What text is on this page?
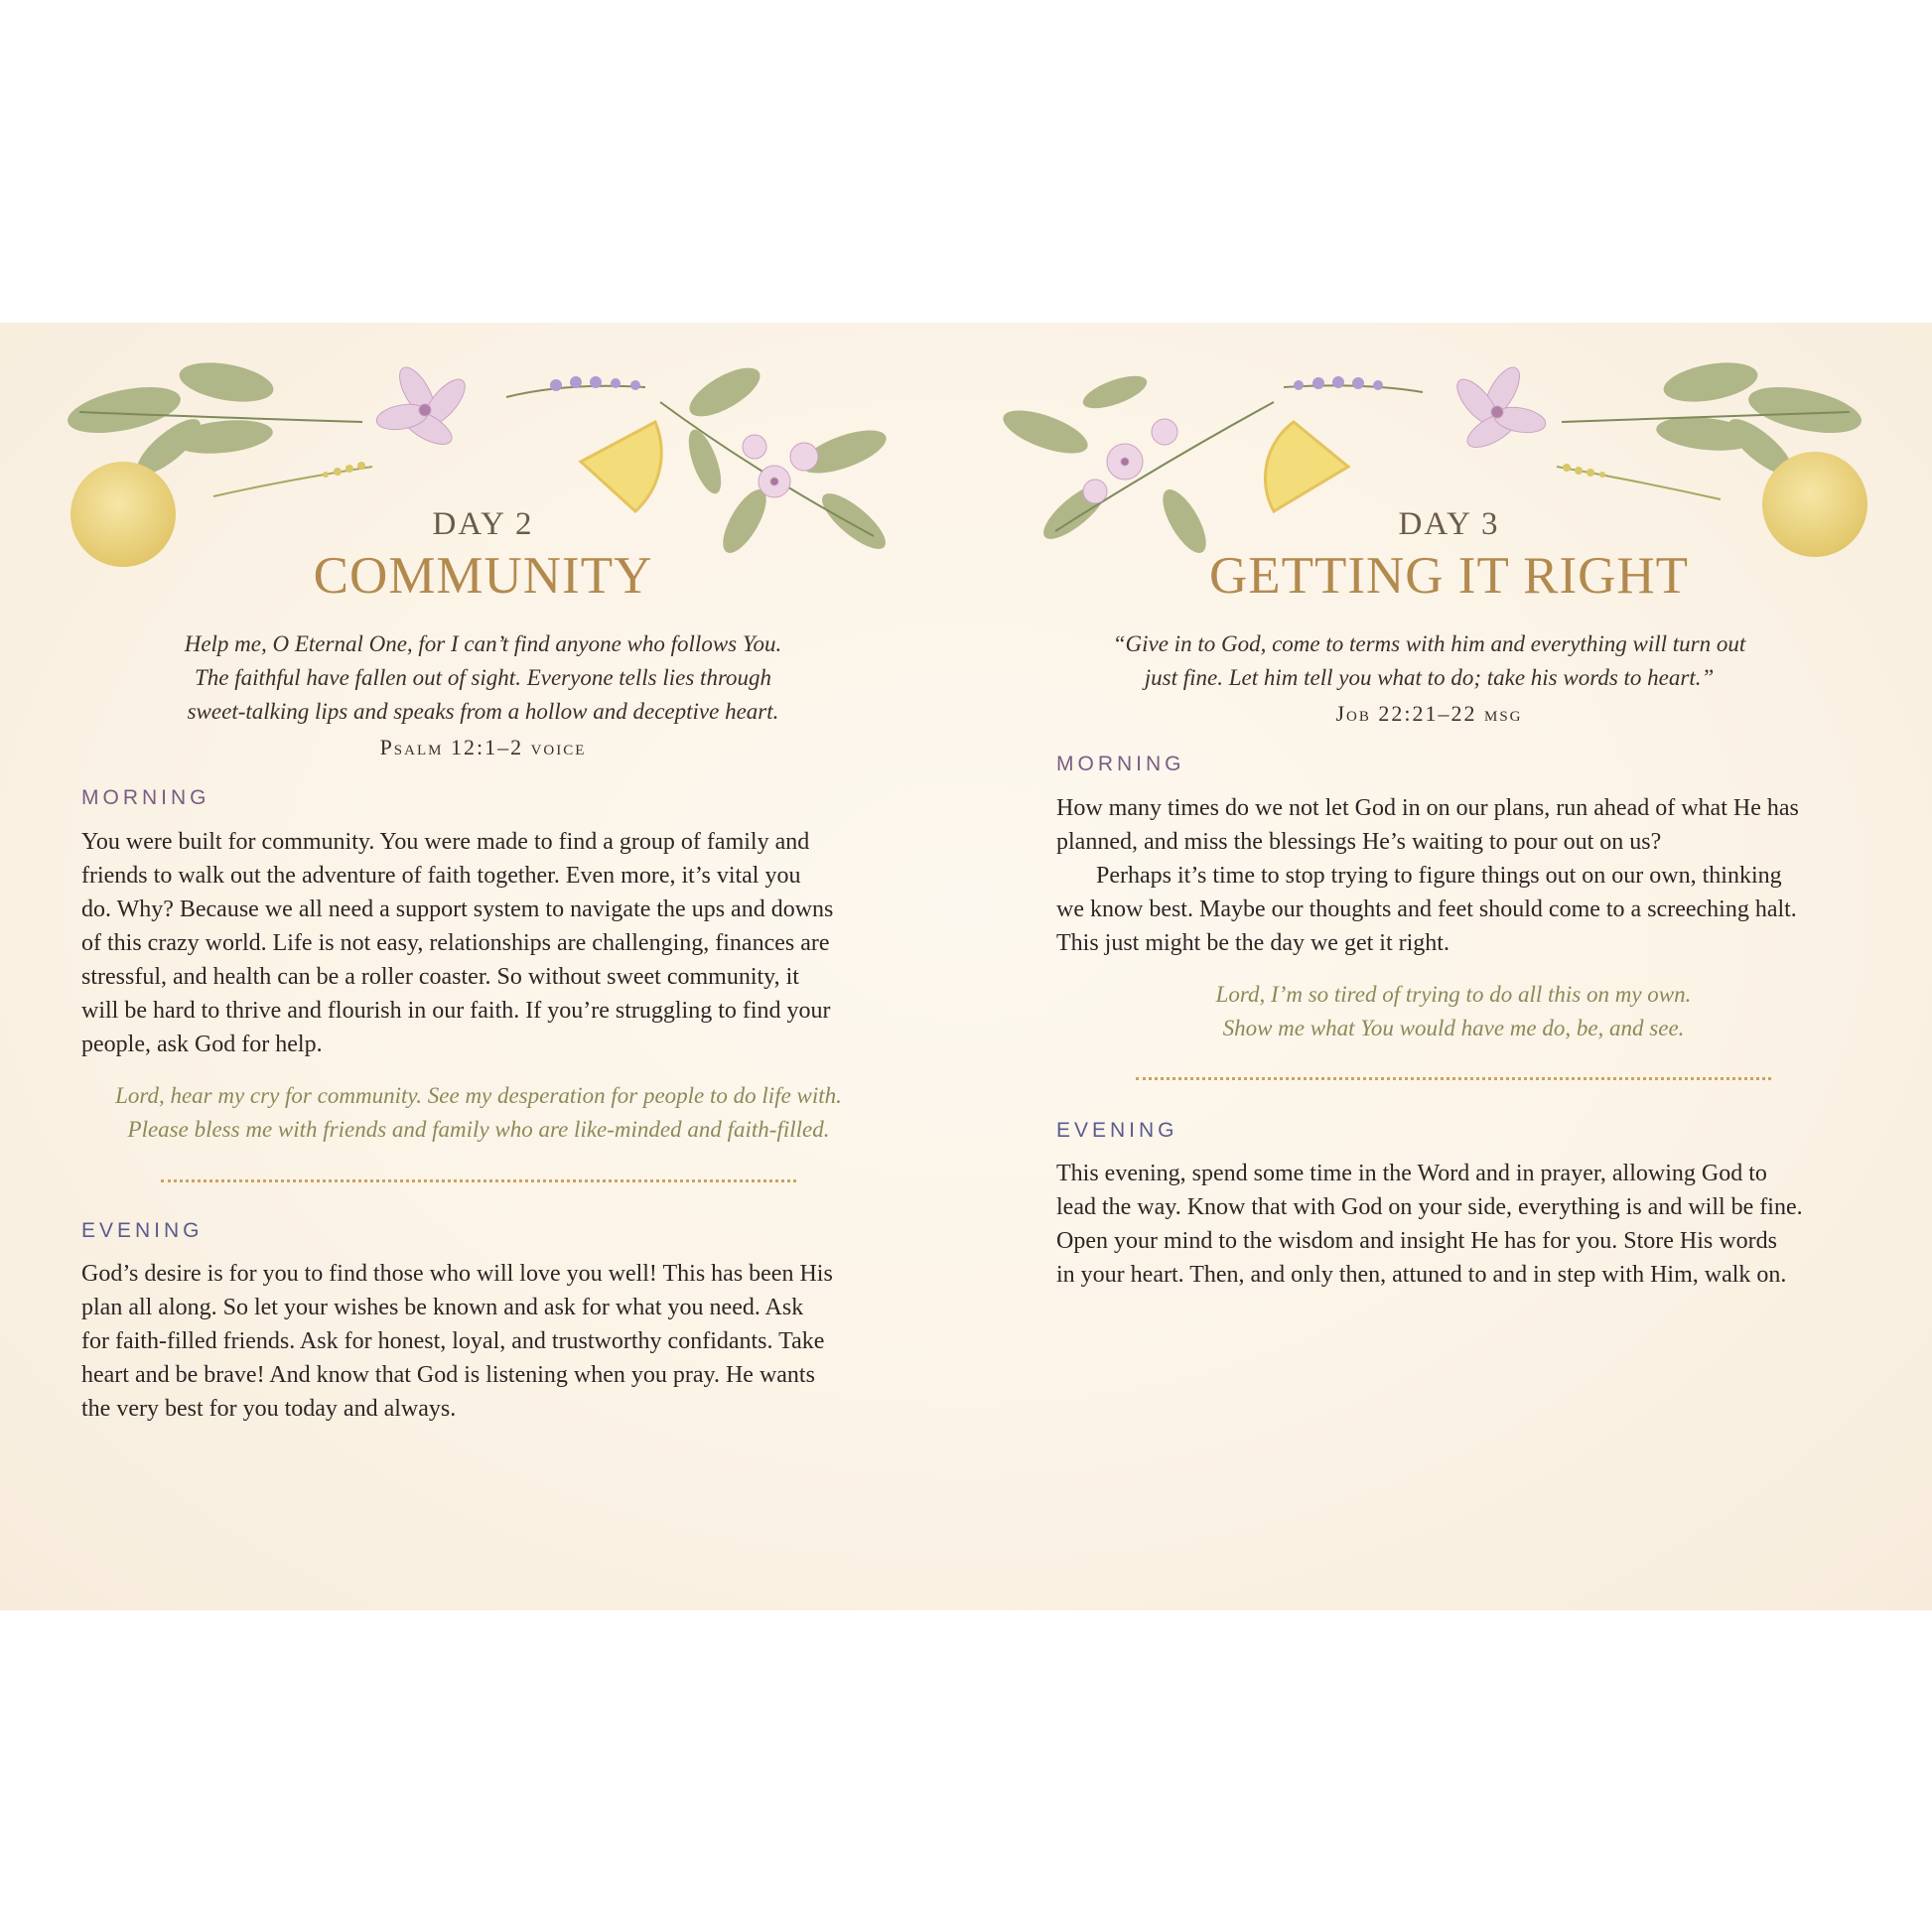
DAY 2
COMMUNITY
Help me, O Eternal One, for I can’t find anyone who follows You.
The faithful have fallen out of sight. Everyone tells lies through
sweet-talking lips and speaks from a hollow and deceptive heart.
Psalm 12:1–2 voice
MORNING
You were built for community. You were made to find a group of family and
friends to walk out the adventure of faith together. Even more, it’s vital you
do. Why? Because we all need a support system to navigate the ups and downs
of this crazy world. Life is not easy, relationships are challenging, finances are
stressful, and health can be a roller coaster. So without sweet community, it
will be hard to thrive and flourish in our faith. If you’re struggling to find your
people, ask God for help.
Lord, hear my cry for community. See my desperation for people to do life with.
Please bless me with friends and family who are like-minded and faith-filled.
EVENING
God’s desire is for you to find those who will love you well! This has been His
plan all along. So let your wishes be known and ask for what you need. Ask
for faith-filled friends. Ask for honest, loyal, and trustworthy confidants. Take
heart and be brave! And know that God is listening when you pray. He wants
the very best for you today and always.
DAY 3
GETTING IT RIGHT
“Give in to God, come to terms with him and everything will turn out
just fine. Let him tell you what to do; take his words to heart.”
Job 22:21–22 msg
MORNING
How many times do we not let God in on our plans, run ahead of what He has
planned, and miss the blessings He’s waiting to pour out on us?
Perhaps it’s time to stop trying to figure things out on our own, thinking
we know best. Maybe our thoughts and feet should come to a screeching halt.
This just might be the day we get it right.
Lord, I’m so tired of trying to do all this on my own.
Show me what You would have me do, be, and see.
EVENING
This evening, spend some time in the Word and in prayer, allowing God to
lead the way. Know that with God on your side, everything is and will be fine.
Open your mind to the wisdom and insight He has for you. Store His words
in your heart. Then, and only then, attuned to and in step with Him, walk on.
